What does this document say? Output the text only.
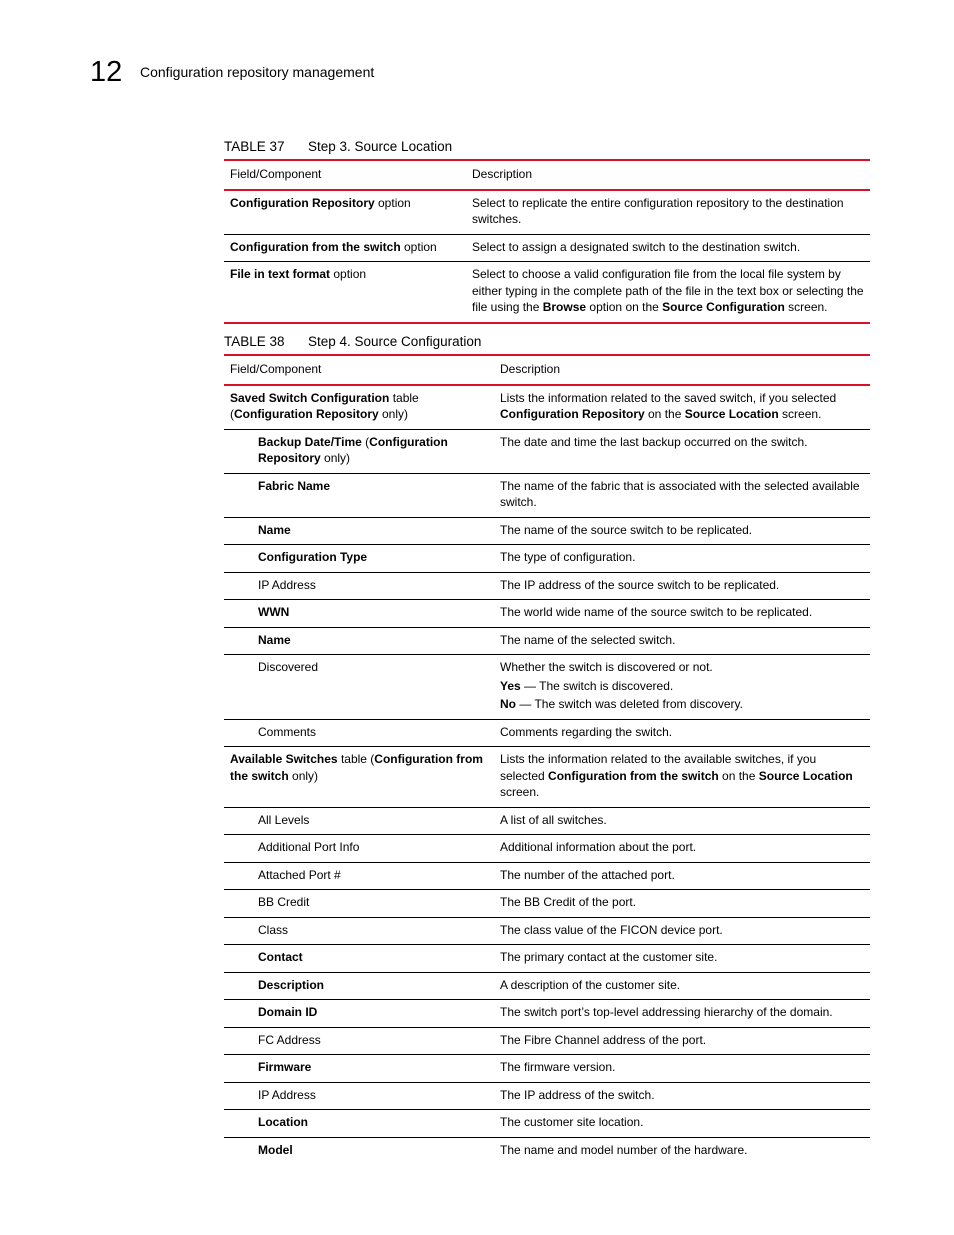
12 Configuration repository management
TABLE 37 Step 3. Source Location
Field/Component	Description
Configuration Repository option	Select to replicate the entire configuration repository to the destination switches.
Configuration from the switch option	Select to assign a designated switch to the destination switch.
File in text format option	Select to choose a valid configuration file from the local file system by either typing in the complete path of the file in the text box or selecting the file using the Browse option on the Source Configuration screen.
TABLE 38 Step 4. Source Configuration
Field/Component	Description
Saved Switch Configuration table (Configuration Repository only)	Lists the information related to the saved switch, if you selected Configuration Repository on the Source Location screen.
Backup Date/Time (Configuration Repository only)	The date and time the last backup occurred on the switch.
Fabric Name	The name of the fabric that is associated with the selected available switch.
Name	The name of the source switch to be replicated.
Configuration Type	The type of configuration.
IP Address	The IP address of the source switch to be replicated.
WWN	The world wide name of the source switch to be replicated.
Name	The name of the selected switch.
Discovered	Whether the switch is discovered or not.
Yes — The switch is discovered.
No — The switch was deleted from discovery.

Comments	Comments regarding the switch.
Available Switches table (Configuration from the switch only)	Lists the information related to the available switches, if you selected Configuration from the switch on the Source Location screen.
All Levels	A list of all switches.
Additional Port Info	Additional information about the port.
Attached Port #	The number of the attached port.
BB Credit	The BB Credit of the port.
Class	The class value of the FICON device port.
Contact	The primary contact at the customer site.
Description	A description of the customer site.
Domain ID	The switch port’s top-level addressing hierarchy of the domain.
FC Address	The Fibre Channel address of the port.
Firmware	The firmware version.
IP Address	The IP address of the switch.
Location	The customer site location.
Model	The name and model number of the hardware.
